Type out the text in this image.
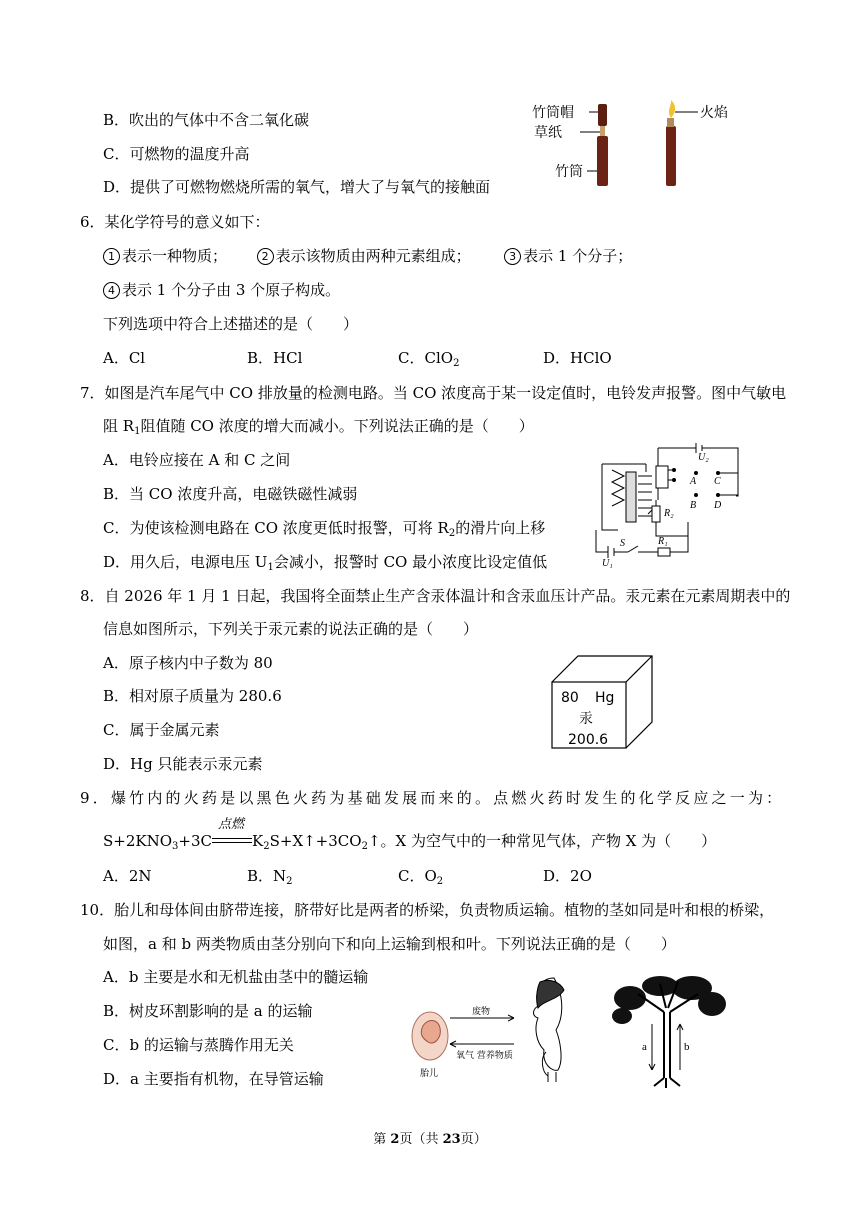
B．吹出的气体中不含二氧化碳
C．可燃物的温度升高
D．提供了可燃物燃烧所需的氧气，增大了与氧气的接触面
竹筒帽
草纸
竹筒
火焰
6．某化学符号的意义如下：
1 表示一种物质；	2 表示该物质由两种元素组成；	3 表示 1 个分子；
4 表示 1 个分子由 3 个原子构成。
下列选项中符合上述描述的是（　　）
A．Cl	B．HCl	C．ClO$_2$	D．HClO
7．如图是汽车尾气中 CO 排放量的检测电路。当 CO 浓度高于某一设定值时，电铃发声报警。图中气敏电
阻 $R_1$阻值随 CO 浓度的增大而减小。下列说法正确的是（　　）
A．电铃应接在 A 和 C 之间
B．当 CO 浓度升高，电磁铁磁性减弱
C．为使该检测电路在 CO 浓度更低时报警，可将 $R_2$的滑片向上移
D．用久后，电源电压 $U_1$会减小，报警时 CO 最小浓度比设定值低
U₂
A
B
C
D
R₂
S	R₁
U₁
8．自 2026 年 1 月 1 日起，我国将全面禁止生产含汞体温计和含汞血压计产品。汞元素在元素周期表中的
信息如图所示，下列关于汞元素的说法正确的是（　　）
A．原子核内中子数为 80
B．相对原子质量为 280.6
C．属于金属元素
D．Hg 只能表示汞元素
80 Hg
汞
200.6
9．爆竹内的火药是以黑色火药为基础发展而来的。点燃火药时发生的化学反应之一为：
$S+2KNO_3+3C$
点燃
$K_2S+X↑+3CO_2↑$。X 为空气中的一种常见气体，产物 X 为（　　）
A．2N	B．$N_2$	C．$O_2$	D．2O
10．胎儿和母体间由脐带连接，脐带好比是两者的桥梁，负责物质运输。植物的茎如同是叶和根的桥梁，
如图，a 和 b 两类物质由茎分别向下和向上运输到根和叶。下列说法正确的是（　　）
A．b 主要是水和无机盐由茎中的髓运输
B．树皮环割影响的是 a 的运输
C．b 的运输与蒸腾作用无关
D．a 主要指有机物，在导管运输
废物
氧气 营养物质
胎儿
a	b
第 2页（共 23页）
